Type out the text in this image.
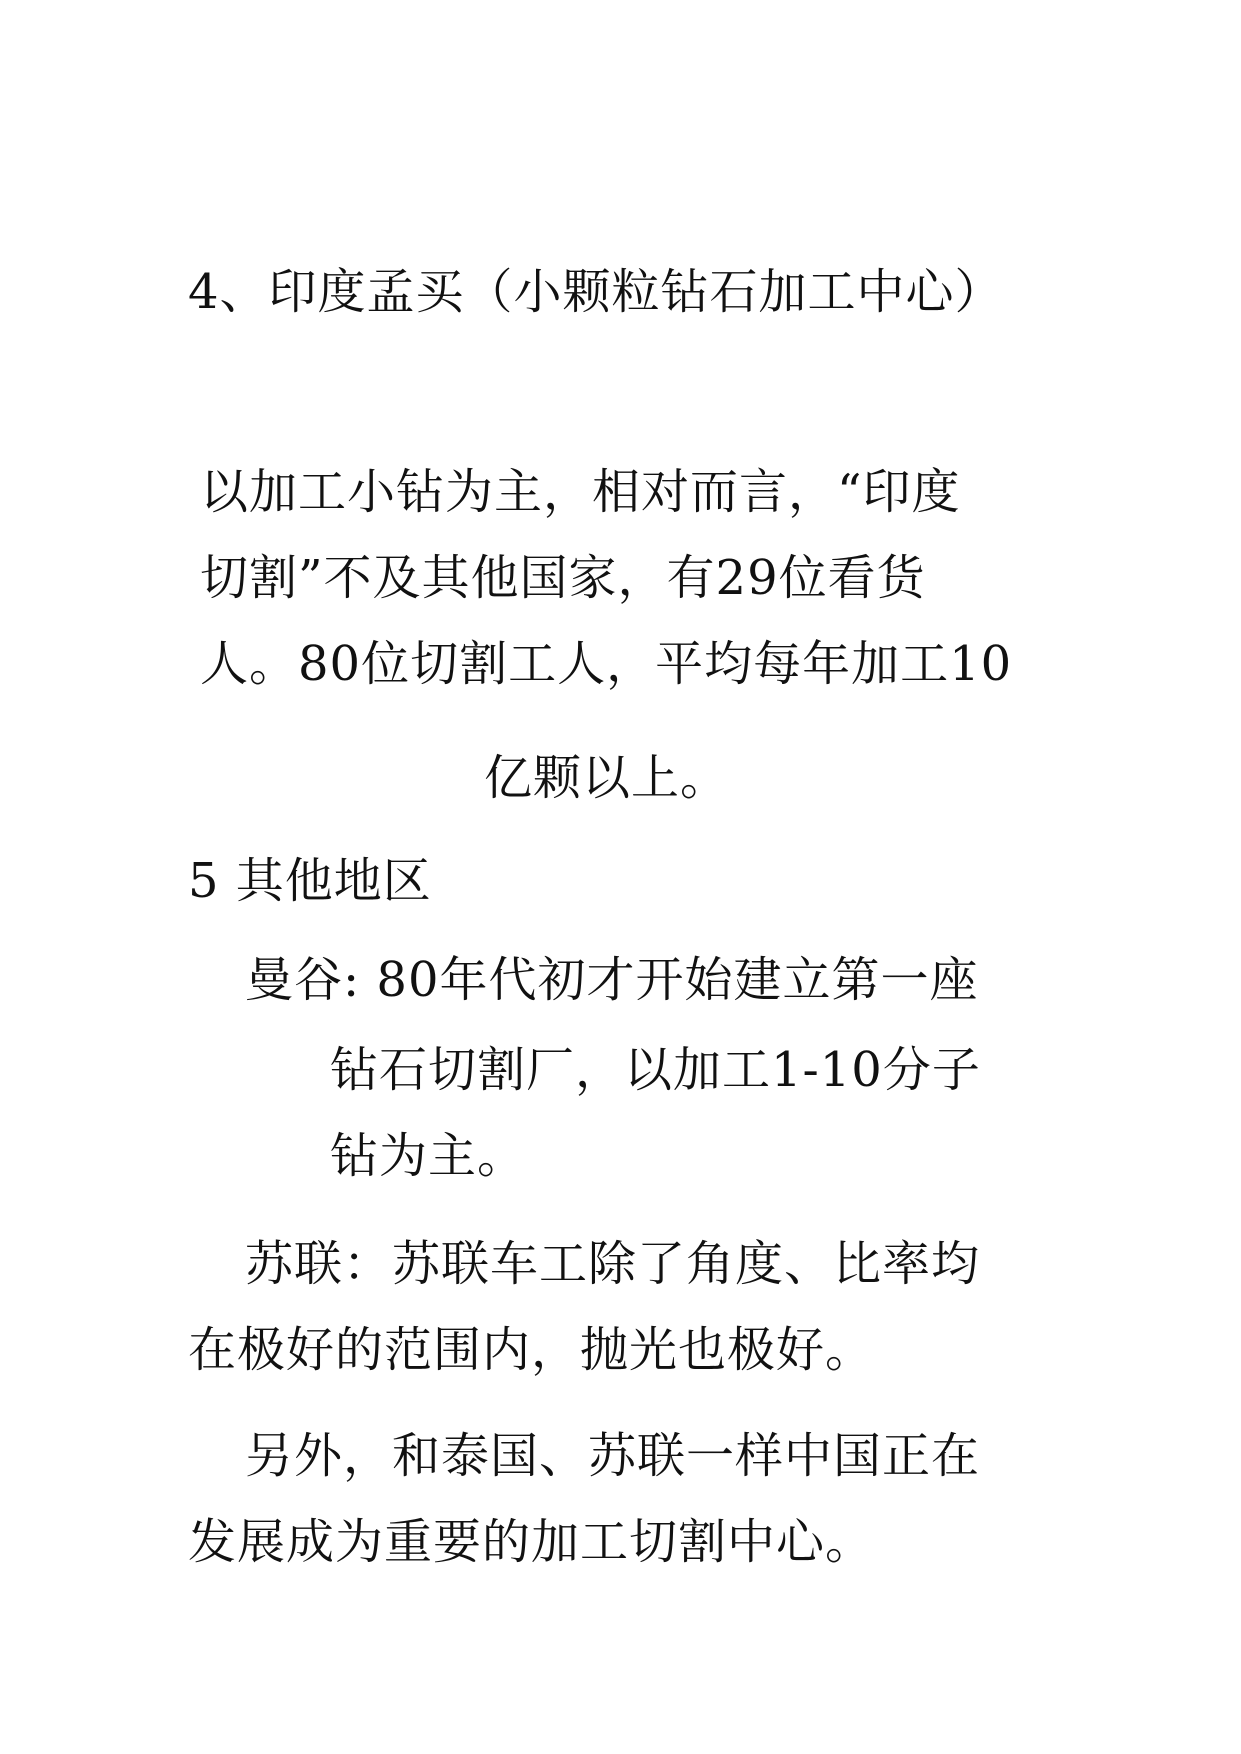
4、印度孟买（小颗粒钻石加工中心）

以加工小钻为主，相对而言，“印度
切割”不及其他国家，有29位看货
人。80位切割工人，平均每年加工10

亿颗以上。

5 其他地区

曼谷: 80年代初才开始建立第一座

钻石切割厂，以加工1-10分子
钻为主。

苏联：苏联车工除了角度、比率均
在极好的范围内，抛光也极好。

另外，和泰国、苏联一样中国正在
发展成为重要的加工切割中心。
